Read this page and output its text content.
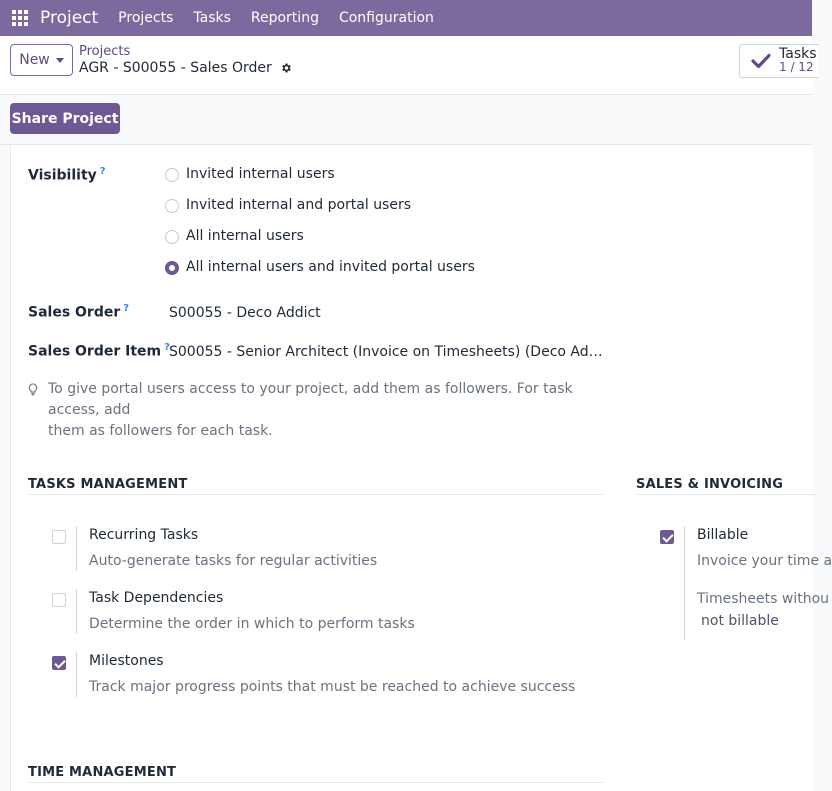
Project Projects Tasks Reporting Configuration
New
Projects
AGR - S00055 - Sales Order
Tasks
1 / 12
Share Project
Visibility ?	Invited internal users
Invited internal and portal users
All internal users
All internal users and invited portal users
Sales Order ?	S00055 - Deco Addict
Sales Order Item ? S00055 - Senior Architect (Invoice on Timesheets) (Deco Ad…
To give portal users access to your project, add them as followers. For task access, add
them as followers for each task.
TASKS MANAGEMENT
Recurring Tasks
Auto-generate tasks for regular activities
Task Dependencies
Determine the order in which to perform tasks
Milestones
Track major progress points that must be reached to achieve success
SALES & INVOICING
Billable
Invoice your time a
Timesheets withou
not billable
TIME MANAGEMENT
